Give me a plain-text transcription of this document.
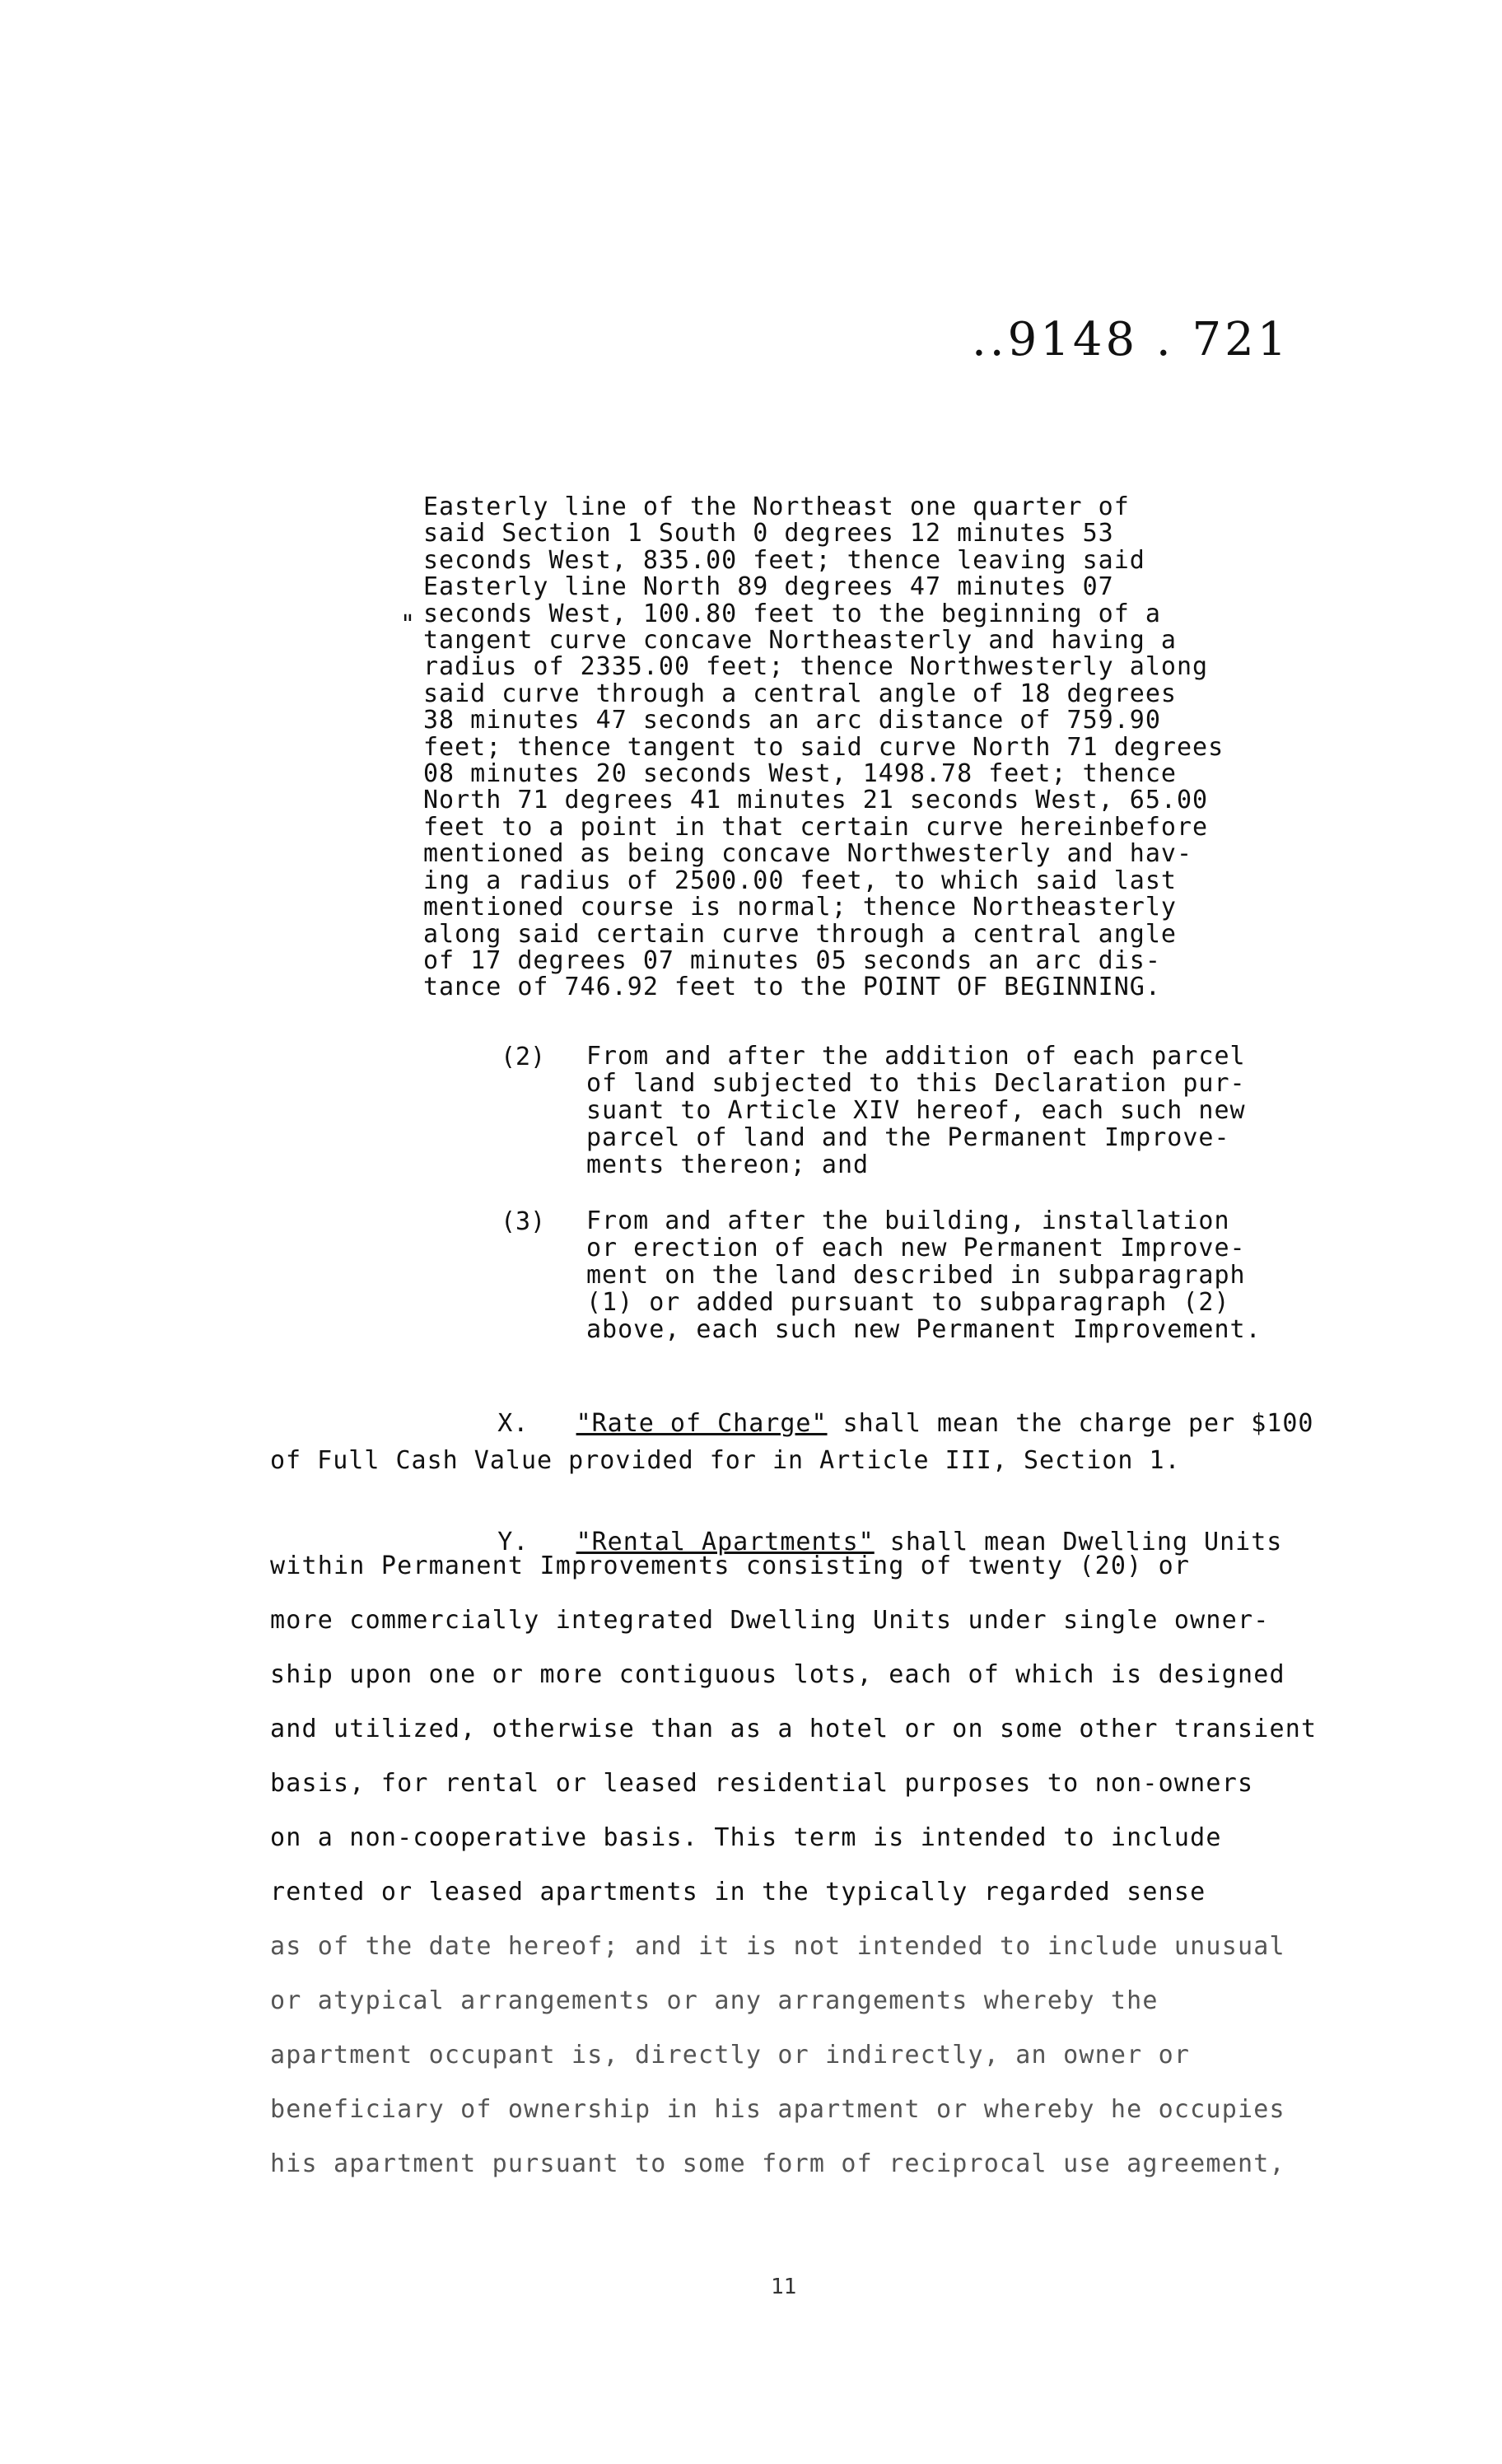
..9148 . 721
"
Easterly line of the Northeast one quarter of
said Section 1 South 0 degrees 12 minutes 53
seconds West, 835.00 feet; thence leaving said
Easterly line North 89 degrees 47 minutes 07
seconds West, 100.80 feet to the beginning of a
tangent curve concave Northeasterly and having a
radius of 2335.00 feet; thence Northwesterly along
said curve through a central angle of 18 degrees
38 minutes 47 seconds an arc distance of 759.90
feet; thence tangent to said curve North 71 degrees
08 minutes 20 seconds West, 1498.78 feet; thence
North 71 degrees 41 minutes 21 seconds West, 65.00
feet to a point in that certain curve hereinbefore
mentioned as being concave Northwesterly and hav-
ing a radius of 2500.00 feet, to which said last
mentioned course is normal; thence Northeasterly
along said certain curve through a central angle
of 17 degrees 07 minutes 05 seconds an arc dis-
tance of 746.92 feet to the POINT OF BEGINNING.
(2) From and after the addition of each parcel
of land subjected to this Declaration pur-
suant to Article XIV hereof, each such new
parcel of land and the Permanent Improve-
ments thereon; and
(3) From and after the building, installation
or erection of each new Permanent Improve-
ment on the land described in subparagraph
(1) or added pursuant to subparagraph (2)
above, each such new Permanent Improvement.

X. "Rate of Charge" shall mean the charge per $100

of Full Cash Value provided for in Article III, Section 1.

Y. "Rental Apartments" shall mean Dwelling Units

within Permanent Improvements consisting of twenty (20) or
more commercially integrated Dwelling Units under single owner-
ship upon one or more contiguous lots, each of which is designed
and utilized, otherwise than as a hotel or on some other transient
basis, for rental or leased residential purposes to non-owners
on a non-cooperative basis. This term is intended to include
rented or leased apartments in the typically regarded sense
as of the date hereof; and it is not intended to include unusual
or atypical arrangements or any arrangements whereby the
apartment occupant is, directly or indirectly, an owner or
beneficiary of ownership in his apartment or whereby he occupies
his apartment pursuant to some form of reciprocal use agreement,
11
